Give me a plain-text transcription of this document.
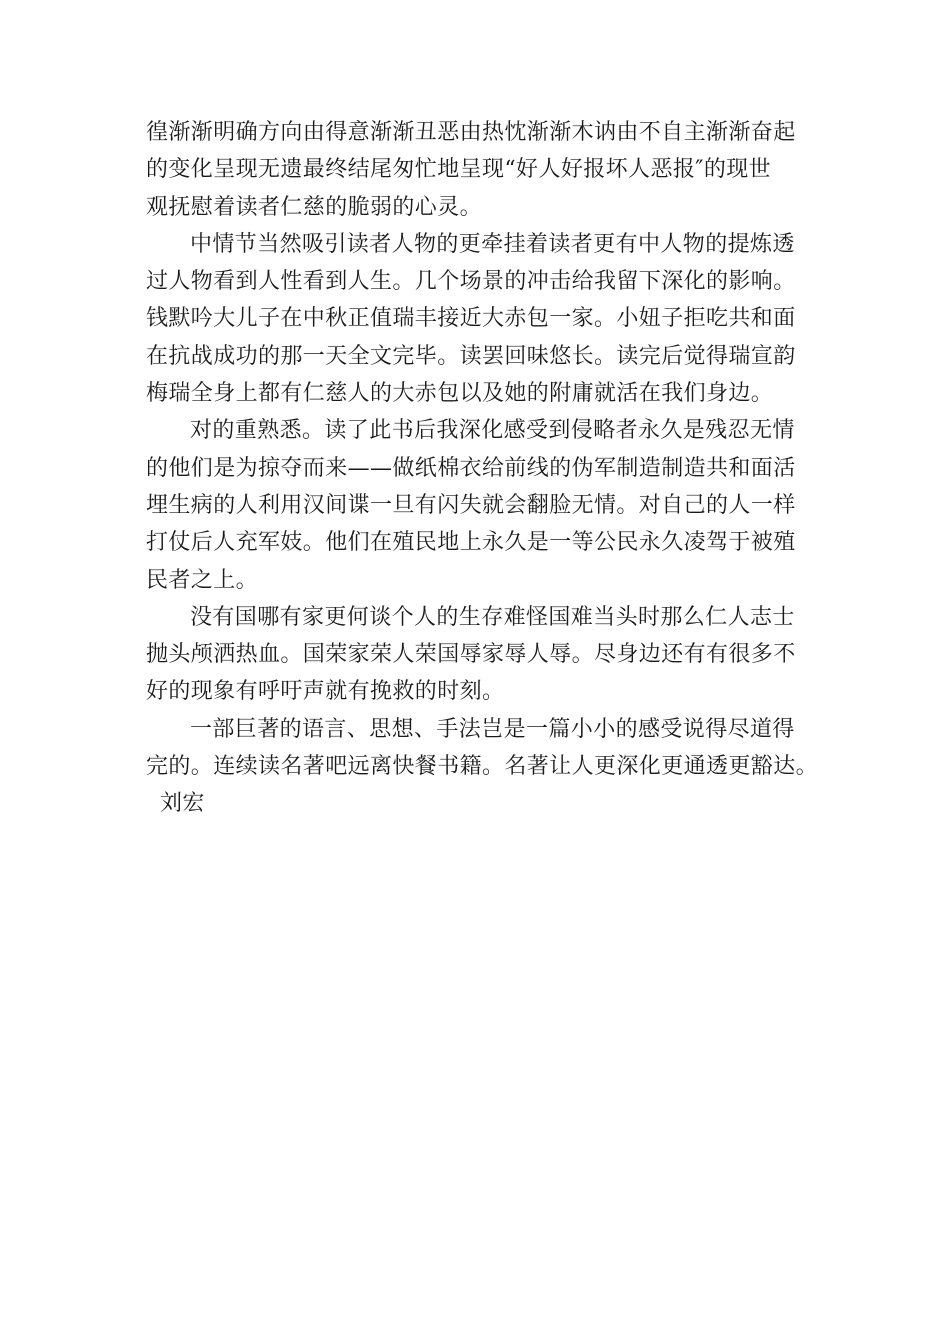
徨渐渐明确方向由得意渐渐丑恶由热忱渐渐木讷由不自主渐渐奋起
的变化呈现无遗最终结尾匆忙地呈现“好人好报坏人恶报″的现世
观抚慰着读者仁慈的脆弱的心灵。
中情节当然吸引读者人物的更牵挂着读者更有中人物的提炼透
过人物看到人性看到人生。几个场景的冲击给我留下深化的影响。
钱默吟大儿子在中秋正值瑞丰接近大赤包一家。小妞子拒吃共和面
在抗战成功的那一天全文完毕。读罢回味悠长。读完后觉得瑞宣韵
梅瑞全身上都有仁慈人的大赤包以及她的附庸就活在我们身边。
对的重熟悉。读了此书后我深化感受到侵略者永久是残忍无情
的他们是为掠夺而来——做纸棉衣给前线的伪军制造制造共和面活
埋生病的人利用汉间谍一旦有闪失就会翻脸无情。对自己的人一样
打仗后人充军妓。他们在殖民地上永久是一等公民永久凌驾于被殖
民者之上。
没有国哪有家更何谈个人的生存难怪国难当头时那么仁人志士
抛头颅洒热血。国荣家荣人荣国辱家辱人辱。尽身边还有有很多不
好的现象有呼吁声就有挽救的时刻。
一部巨著的语言、思想、手法岂是一篇小小的感受说得尽道得
完的。连续读名著吧远离快餐书籍。名著让人更深化更通透更豁达。
刘宏
